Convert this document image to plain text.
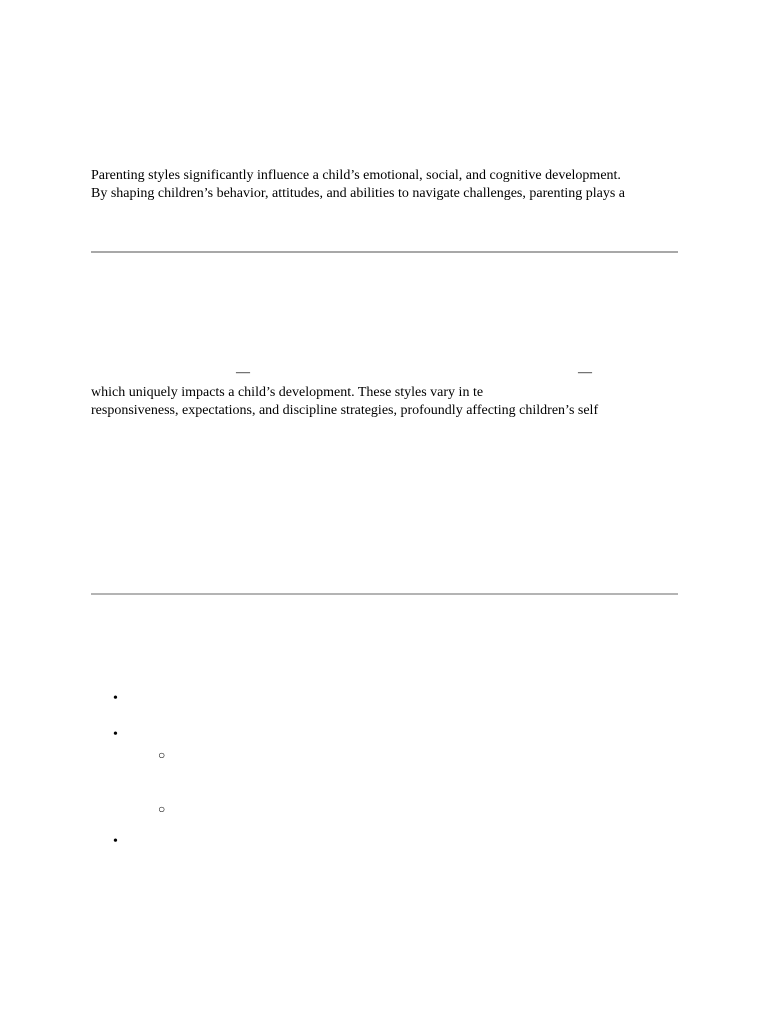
Parenting styles significantly influence a child’s emotional, social, and cognitive development.

By shaping children’s behavior, attitudes, and abilities to navigate challenges, parenting plays a

—	—

which uniquely impacts a child’s development. These styles vary in te

responsiveness, expectations, and discipline strategies, profoundly affecting children’s self

•
•
○
○
•
